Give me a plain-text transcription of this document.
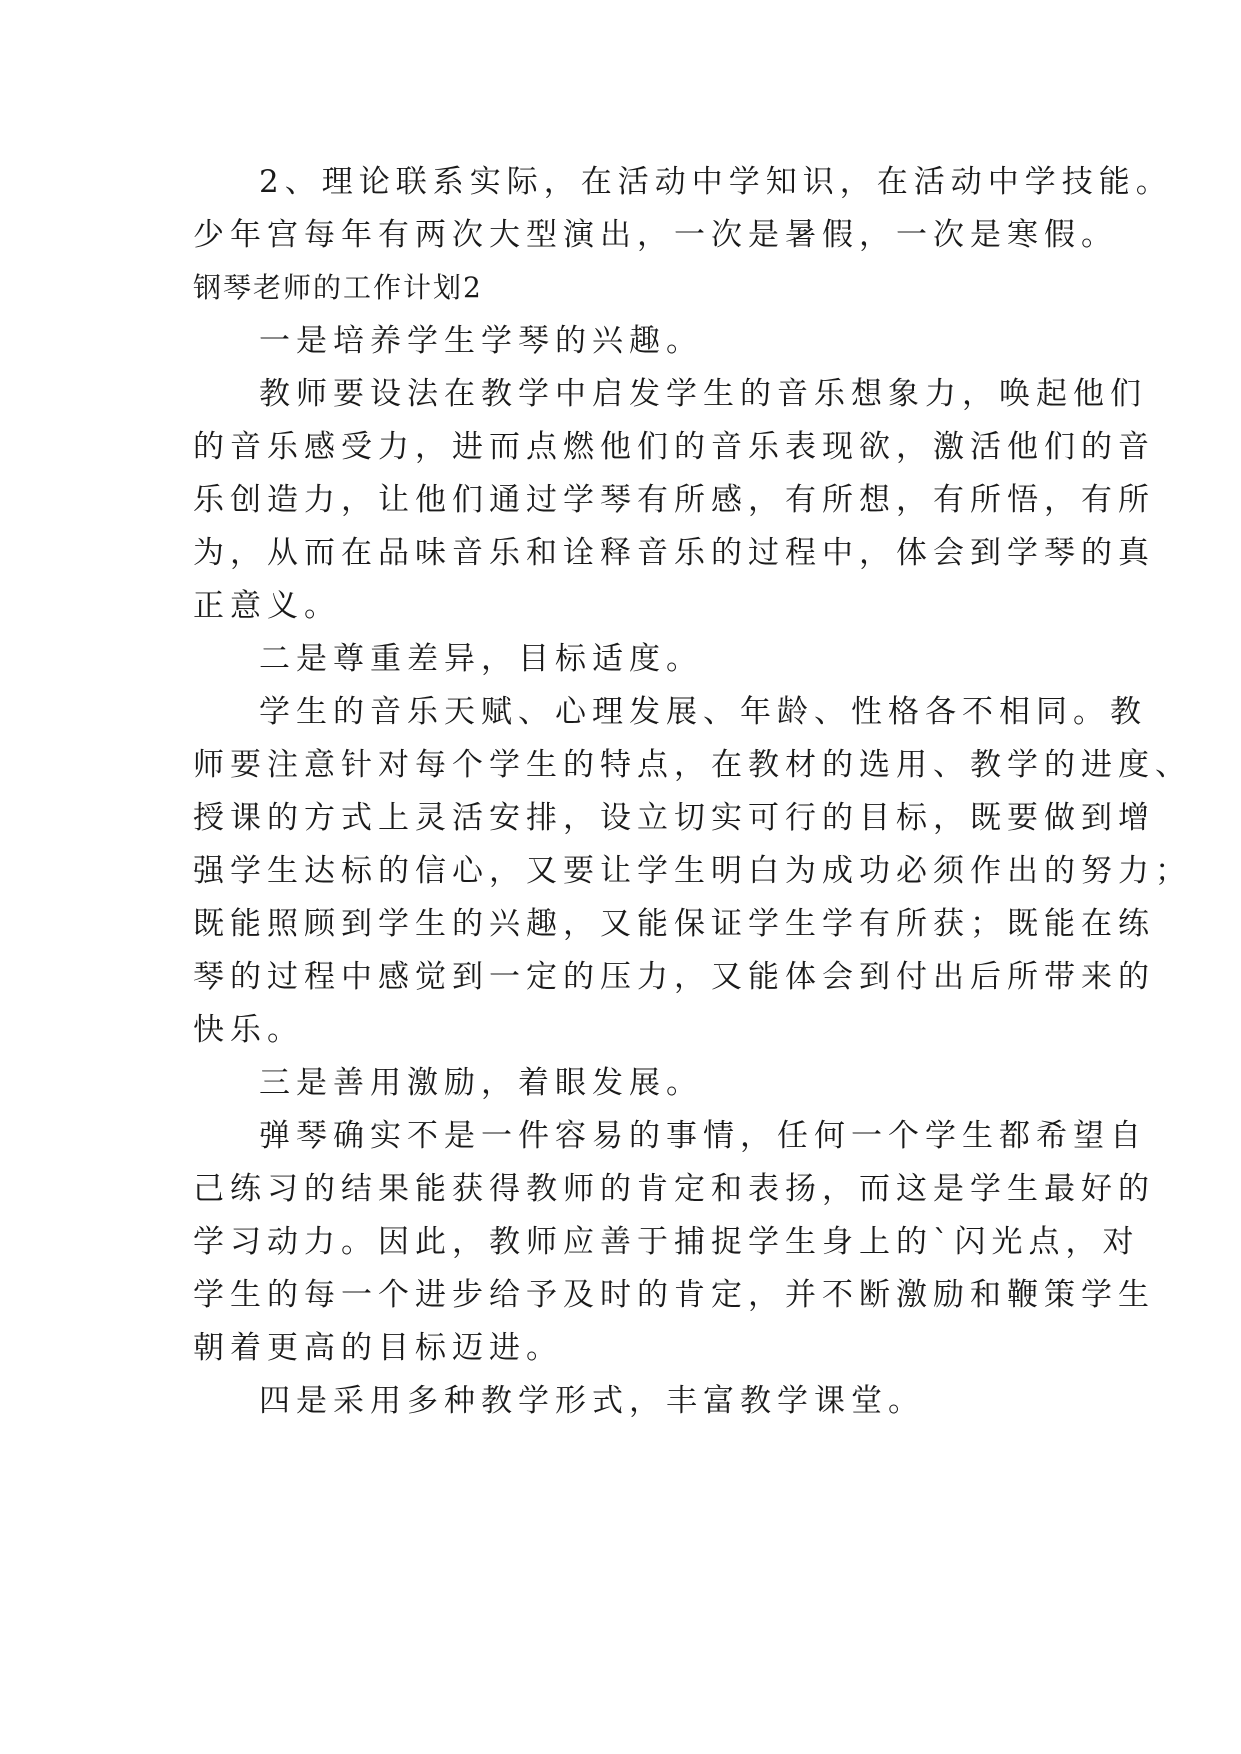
2、理论联系实际，在活动中学知识，在活动中学技能。
少年宫每年有两次大型演出，一次是暑假，一次是寒假。
钢琴老师的工作计划2
一是培养学生学琴的兴趣。
教师要设法在教学中启发学生的音乐想象力，唤起他们
的音乐感受力，进而点燃他们的音乐表现欲，激活他们的音
乐创造力，让他们通过学琴有所感，有所想，有所悟，有所
为，从而在品味音乐和诠释音乐的过程中，体会到学琴的真
正意义。
二是尊重差异，目标适度。
学生的音乐天赋、心理发展、年龄、性格各不相同。教
师要注意针对每个学生的特点，在教材的选用、教学的进度、
授课的方式上灵活安排，设立切实可行的目标，既要做到增
强学生达标的信心，又要让学生明白为成功必须作出的努力；
既能照顾到学生的兴趣，又能保证学生学有所获；既能在练
琴的过程中感觉到一定的压力，又能体会到付出后所带来的
快乐。
三是善用激励，着眼发展。
弹琴确实不是一件容易的事情，任何一个学生都希望自
己练习的结果能获得教师的肯定和表扬，而这是学生最好的
学习动力。因此，教师应善于捕捉学生身上的`闪光点，对
学生的每一个进步给予及时的肯定，并不断激励和鞭策学生
朝着更高的目标迈进。
四是采用多种教学形式，丰富教学课堂。
